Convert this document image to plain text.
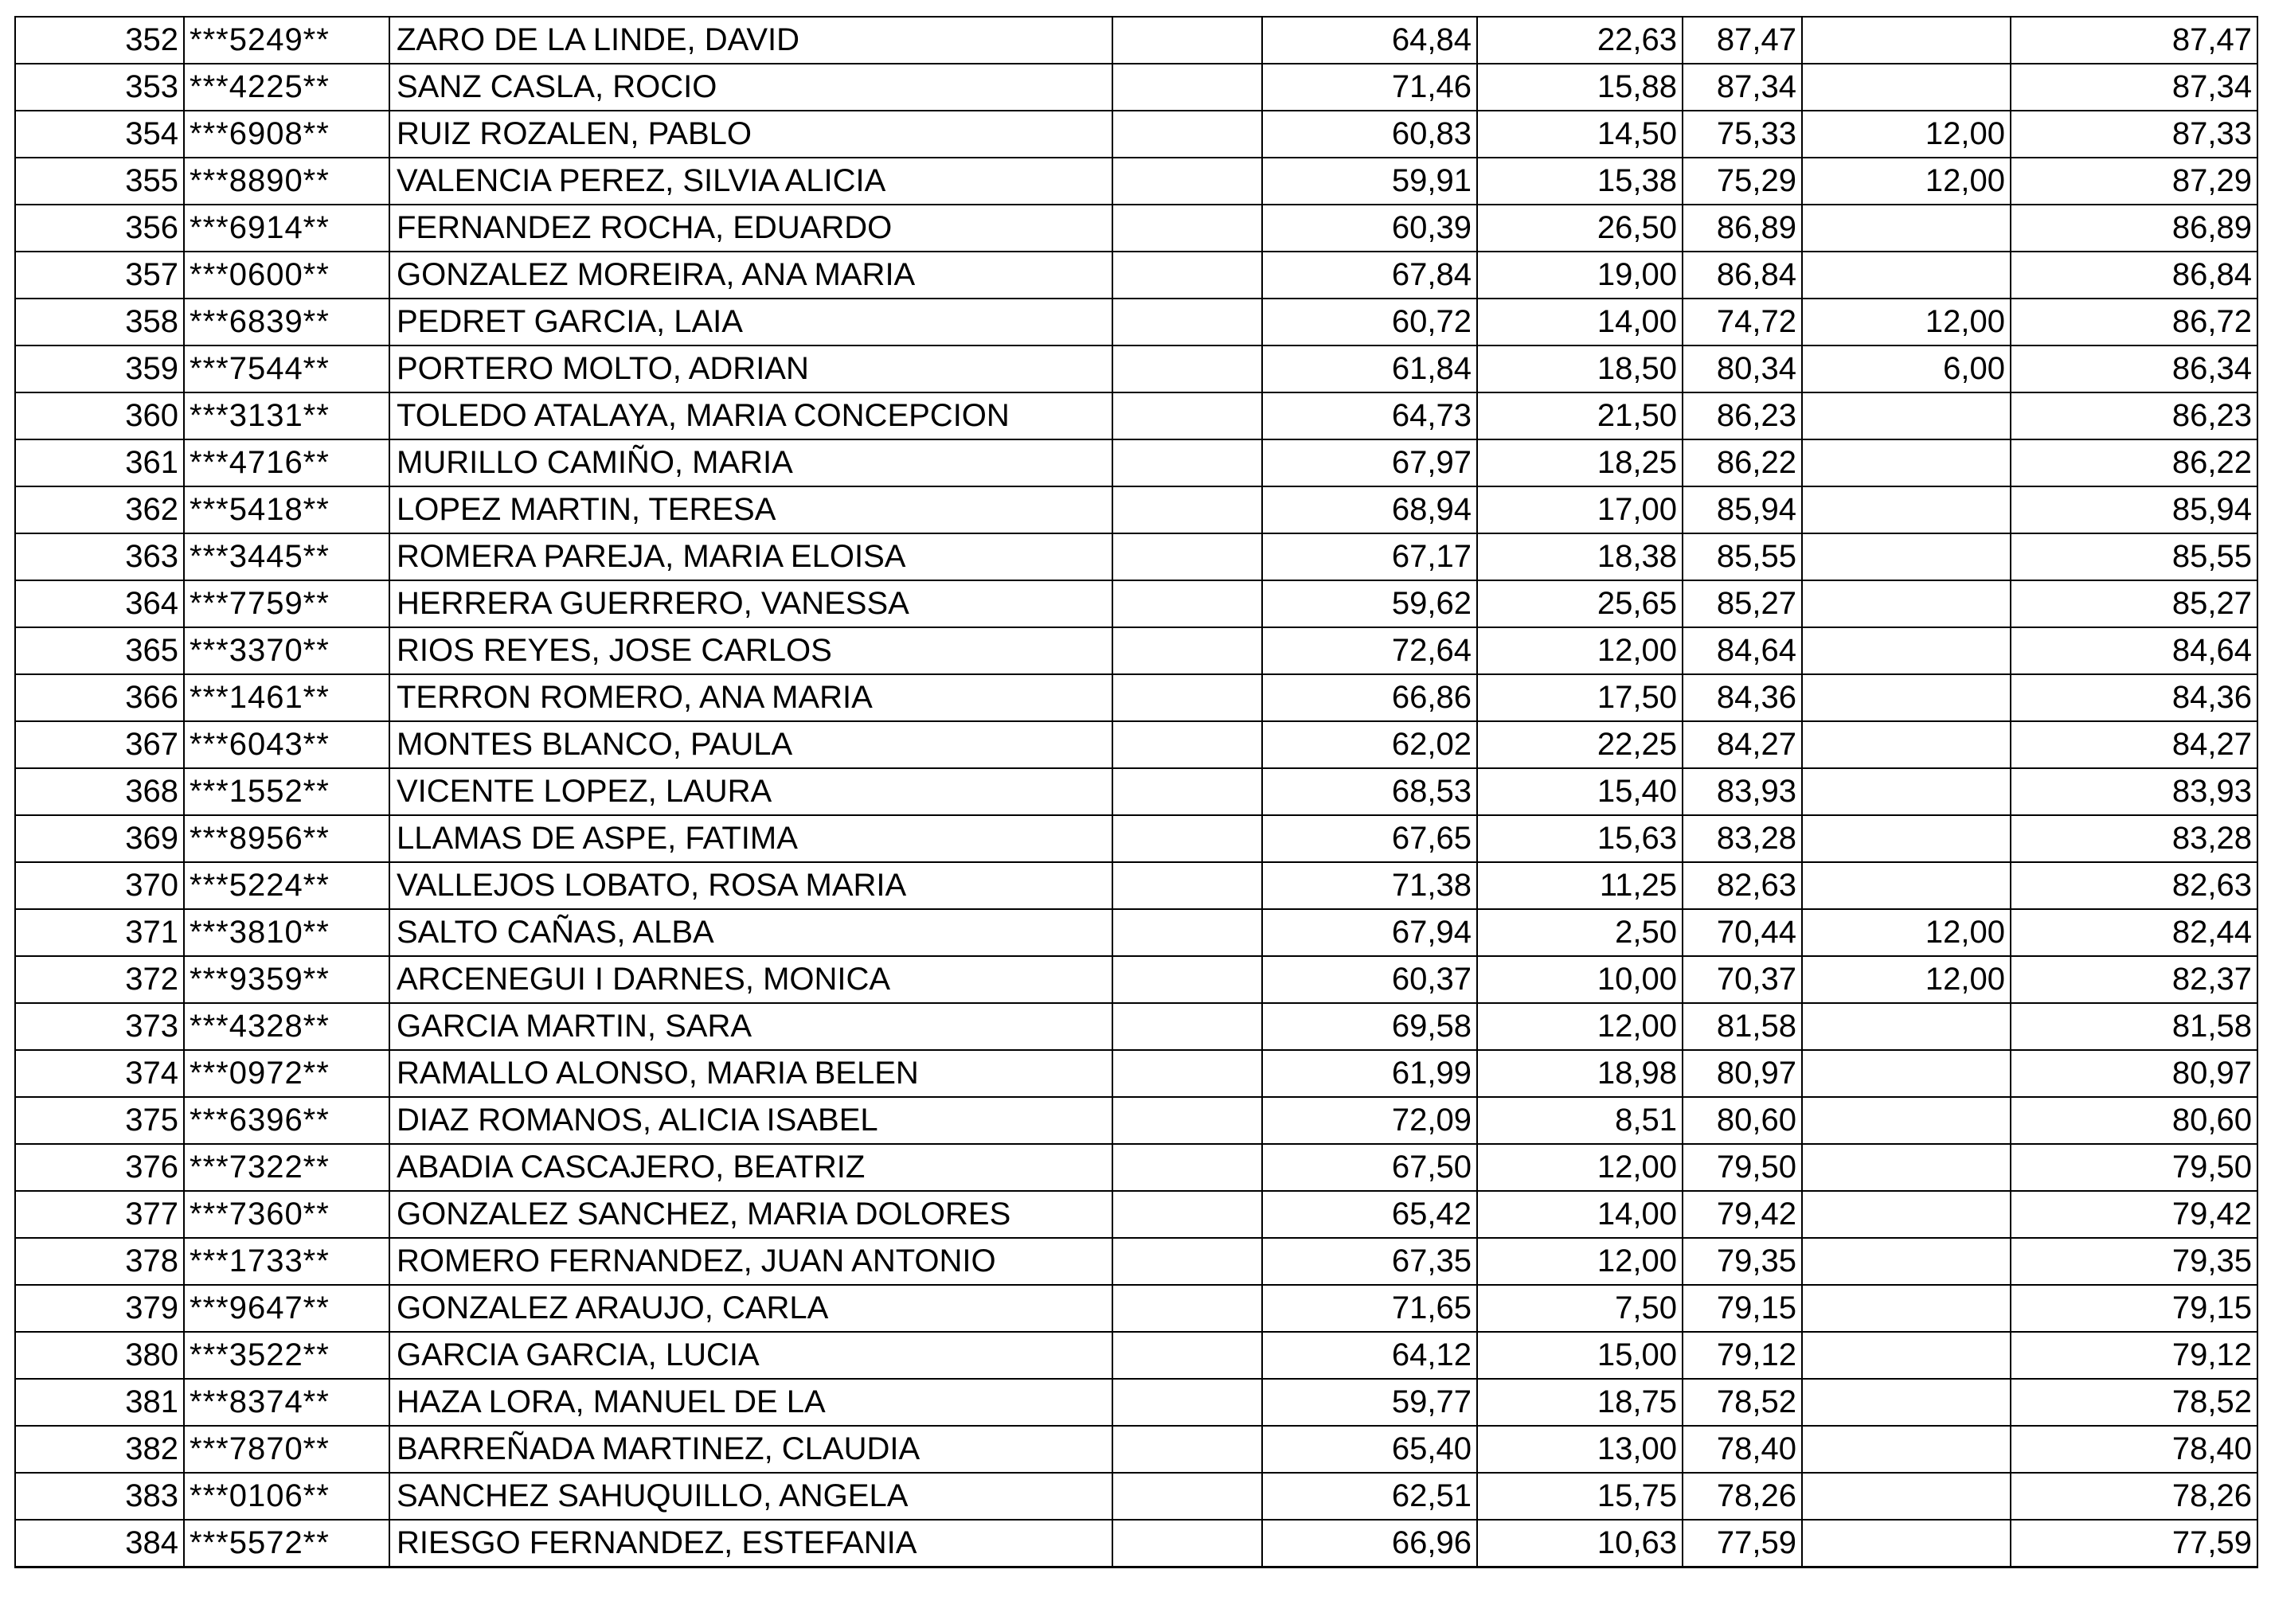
352	***5249**	ZARO DE LA LINDE, DAVID		64,84	22,63	87,47		87,47
353	***4225**	SANZ CASLA, ROCIO		71,46	15,88	87,34		87,34
354	***6908**	RUIZ ROZALEN, PABLO		60,83	14,50	75,33	12,00	87,33
355	***8890**	VALENCIA PEREZ, SILVIA ALICIA		59,91	15,38	75,29	12,00	87,29
356	***6914**	FERNANDEZ ROCHA, EDUARDO		60,39	26,50	86,89		86,89
357	***0600**	GONZALEZ MOREIRA, ANA MARIA		67,84	19,00	86,84		86,84
358	***6839**	PEDRET GARCIA, LAIA		60,72	14,00	74,72	12,00	86,72
359	***7544**	PORTERO MOLTO, ADRIAN		61,84	18,50	80,34	6,00	86,34
360	***3131**	TOLEDO ATALAYA, MARIA CONCEPCION		64,73	21,50	86,23		86,23
361	***4716**	MURILLO CAMIÑO, MARIA		67,97	18,25	86,22		86,22
362	***5418**	LOPEZ MARTIN, TERESA		68,94	17,00	85,94		85,94
363	***3445**	ROMERA PAREJA, MARIA ELOISA		67,17	18,38	85,55		85,55
364	***7759**	HERRERA GUERRERO, VANESSA		59,62	25,65	85,27		85,27
365	***3370**	RIOS REYES, JOSE CARLOS		72,64	12,00	84,64		84,64
366	***1461**	TERRON ROMERO, ANA MARIA		66,86	17,50	84,36		84,36
367	***6043**	MONTES BLANCO, PAULA		62,02	22,25	84,27		84,27
368	***1552**	VICENTE LOPEZ, LAURA		68,53	15,40	83,93		83,93
369	***8956**	LLAMAS DE ASPE, FATIMA		67,65	15,63	83,28		83,28
370	***5224**	VALLEJOS LOBATO, ROSA MARIA		71,38	11,25	82,63		82,63
371	***3810**	SALTO CAÑAS, ALBA		67,94	2,50	70,44	12,00	82,44
372	***9359**	ARCENEGUI I DARNES, MONICA		60,37	10,00	70,37	12,00	82,37
373	***4328**	GARCIA MARTIN, SARA		69,58	12,00	81,58		81,58
374	***0972**	RAMALLO ALONSO, MARIA BELEN		61,99	18,98	80,97		80,97
375	***6396**	DIAZ ROMANOS, ALICIA ISABEL		72,09	8,51	80,60		80,60
376	***7322**	ABADIA CASCAJERO, BEATRIZ		67,50	12,00	79,50		79,50
377	***7360**	GONZALEZ SANCHEZ, MARIA DOLORES		65,42	14,00	79,42		79,42
378	***1733**	ROMERO FERNANDEZ, JUAN ANTONIO		67,35	12,00	79,35		79,35
379	***9647**	GONZALEZ ARAUJO, CARLA		71,65	7,50	79,15		79,15
380	***3522**	GARCIA GARCIA, LUCIA		64,12	15,00	79,12		79,12
381	***8374**	HAZA LORA, MANUEL DE LA		59,77	18,75	78,52		78,52
382	***7870**	BARREÑADA MARTINEZ, CLAUDIA		65,40	13,00	78,40		78,40
383	***0106**	SANCHEZ SAHUQUILLO, ANGELA		62,51	15,75	78,26		78,26
384	***5572**	RIESGO FERNANDEZ, ESTEFANIA		66,96	10,63	77,59		77,59
